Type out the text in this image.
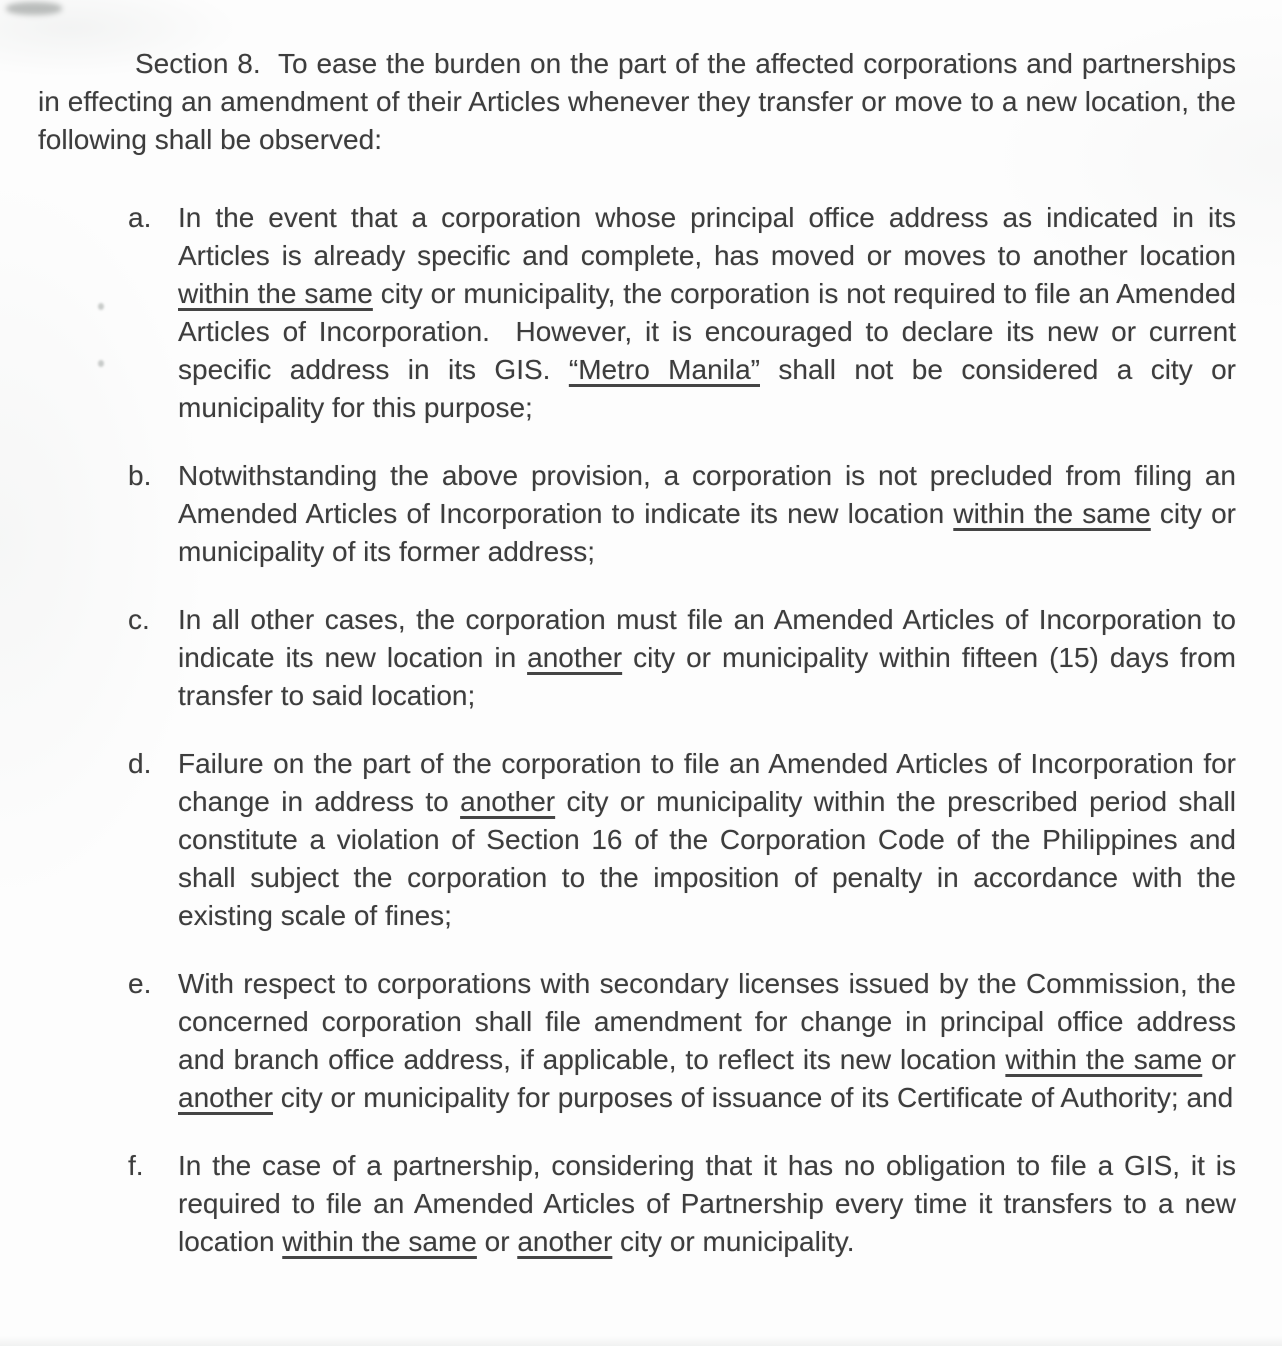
Section 8.  To ease the burden on the part of the affected corporations and partnerships in effecting an amendment of their Articles whenever they transfer or move to a new location, the following shall be observed:

a. In the event that a corporation whose principal office address as indicated in its Articles is already specific and complete, has moved or moves to another location within the same city or municipality, the corporation is not required to file an Amended Articles of Incorporation.  However, it is encouraged to declare its new or current specific address in its GIS. “Metro Manila” shall not be considered a city or municipality for this purpose;
b. Notwithstanding the above provision, a corporation is not precluded from filing an Amended Articles of Incorporation to indicate its new location within the same city or municipality of its former address;
c.	In all other cases, the corporation must file an Amended Articles of Incorporation to indicate its new location in another city or municipality within fifteen (15) days from transfer to said location;
d. Failure on the part of the corporation to file an Amended Articles of Incorporation for change in address to another city or municipality within the prescribed period shall constitute a violation of Section 16 of the Corporation Code of the Philippines and shall subject the corporation to the imposition of penalty in accordance with the existing scale of fines;
e. With respect to corporations with secondary licenses issued by the Commission, the concerned corporation shall file amendment for change in principal office address and branch office address, if applicable, to reflect its new location within the same or another city or municipality for purposes of issuance of its Certificate of Authority; and
f.	In the case of a partnership, considering that it has no obligation to file a GIS, it is required to file an Amended Articles of Partnership every time it transfers to a new location within the same or another city or municipality.
